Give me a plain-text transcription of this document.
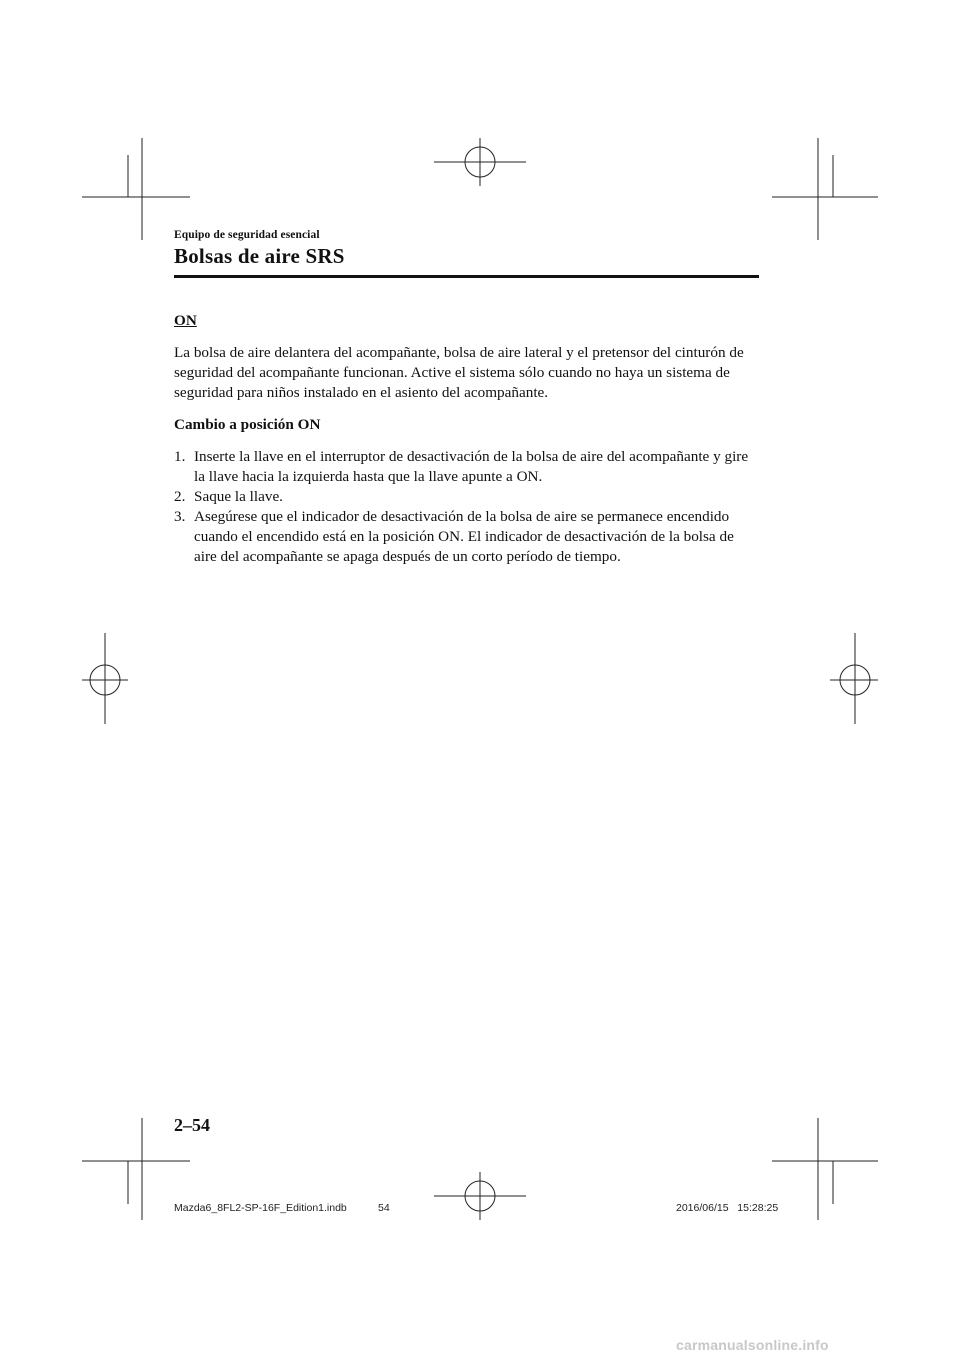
Equipo de seguridad esencial
Bolsas de aire SRS

ON

La bolsa de aire delantera del acompañante, bolsa de aire lateral y el pretensor del cinturón de seguridad del acompañante funcionan. Active el sistema sólo cuando no haya un sistema de seguridad para niños instalado en el asiento del acompañante.

Cambio a posición ON

1. Inserte la llave en el interruptor de desactivación de la bolsa de aire del acompañante y gire la llave hacia la izquierda hasta que la llave apunte a ON.
2. Saque la llave.
3. Asegúrese que el indicador de desactivación de la bolsa de aire se permanece encendido cuando el encendido está en la posición ON. El indicador de desactivación de la bolsa de aire del acompañante se apaga después de un corto período de tiempo.
2–54
Mazda6_8FL2-SP-16F_Edition1.indb	54	2016/06/15   15:28:25
carmanualsonline.info
